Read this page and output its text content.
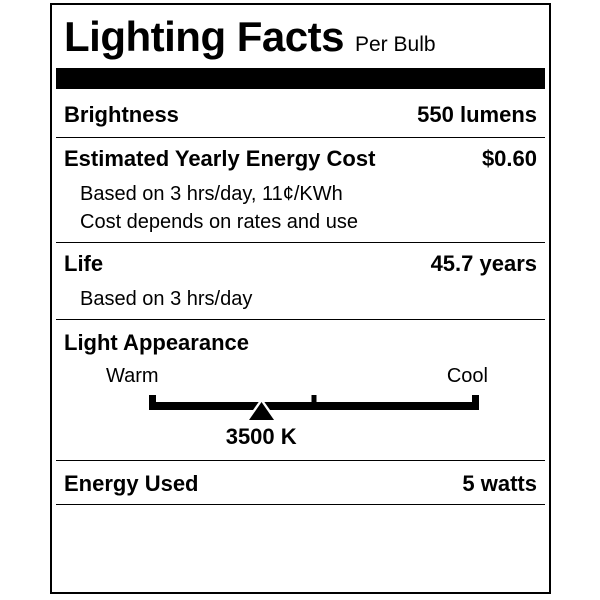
Lighting Facts Per Bulb
Brightness	550 lumens
Estimated Yearly Energy Cost	$0.60
Based on 3 hrs/day, 11¢/KWh
Cost depends on rates and use
Life	45.7 years
Based on 3 hrs/day
Light Appearance
Warm	Cool
3500 K
Energy Used	5 watts
